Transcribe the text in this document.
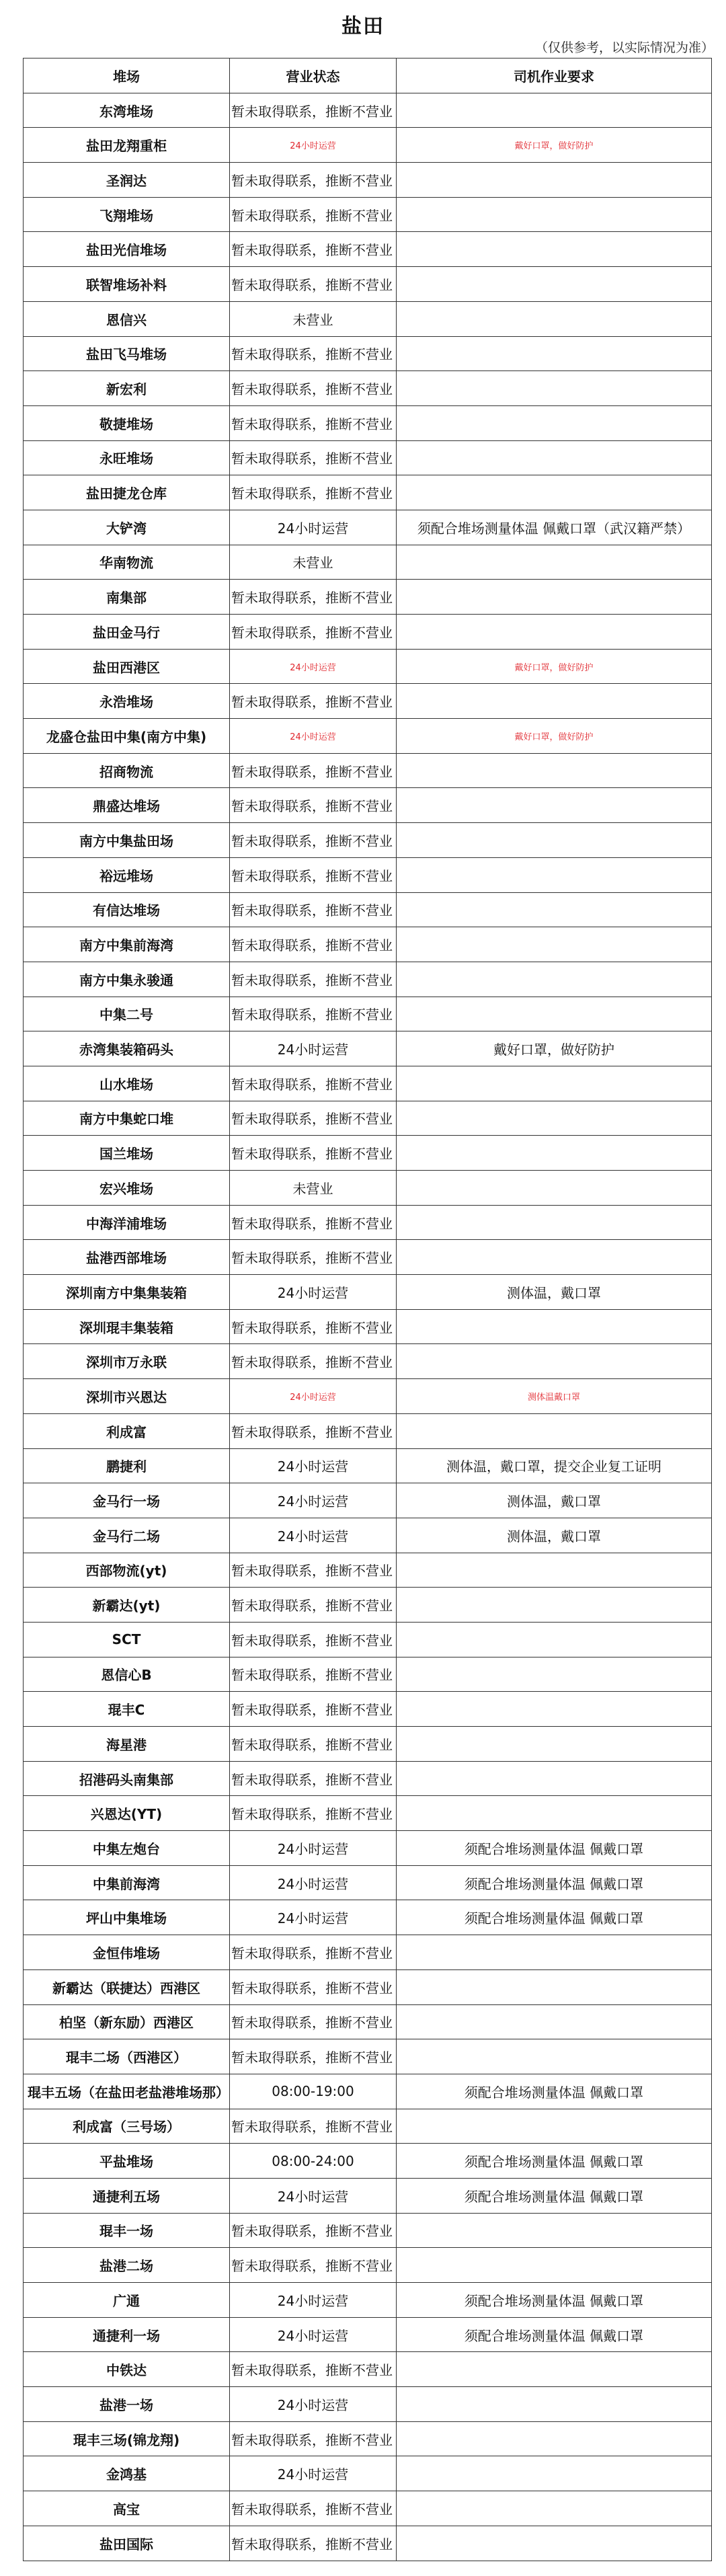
盐田
（仅供参考，以实际情况为准）
堆场	营业状态	司机作业要求
东湾堆场	暂未取得联系，推断不营业	
盐田龙翔重柜	24小时运营	戴好口罩，做好防护
圣润达	暂未取得联系，推断不营业	
飞翔堆场	暂未取得联系，推断不营业	
盐田光信堆场	暂未取得联系，推断不营业	
联智堆场补料	暂未取得联系，推断不营业	
恩信兴	未营业	
盐田飞马堆场	暂未取得联系，推断不营业	
新宏利	暂未取得联系，推断不营业	
敬捷堆场	暂未取得联系，推断不营业	
永旺堆场	暂未取得联系，推断不营业	
盐田捷龙仓库	暂未取得联系，推断不营业	
大铲湾	24小时运营	须配合堆场测量体温 佩戴口罩（武汉籍严禁）
华南物流	未营业	
南集部	暂未取得联系，推断不营业	
盐田金马行	暂未取得联系，推断不营业	
盐田西港区	24小时运营	戴好口罩，做好防护
永浩堆场	暂未取得联系，推断不营业	
龙盛仓盐田中集(南方中集)	24小时运营	戴好口罩，做好防护
招商物流	暂未取得联系，推断不营业	
鼎盛达堆场	暂未取得联系，推断不营业	
南方中集盐田场	暂未取得联系，推断不营业	
裕远堆场	暂未取得联系，推断不营业	
有信达堆场	暂未取得联系，推断不营业	
南方中集前海湾	暂未取得联系，推断不营业	
南方中集永骏通	暂未取得联系，推断不营业	
中集二号	暂未取得联系，推断不营业	
赤湾集装箱码头	24小时运营	戴好口罩，做好防护
山水堆场	暂未取得联系，推断不营业	
南方中集蛇口堆	暂未取得联系，推断不营业	
国兰堆场	暂未取得联系，推断不营业	
宏兴堆场	未营业	
中海洋浦堆场	暂未取得联系，推断不营业	
盐港西部堆场	暂未取得联系，推断不营业	
深圳南方中集集装箱	24小时运营	测体温，戴口罩
深圳琨丰集装箱	暂未取得联系，推断不营业	
深圳市万永联	暂未取得联系，推断不营业	
深圳市兴恩达	24小时运营	测体温戴口罩
利成富	暂未取得联系，推断不营业	
鹏捷利	24小时运营	测体温，戴口罩，提交企业复工证明
金马行一场	24小时运营	测体温，戴口罩
金马行二场	24小时运营	测体温，戴口罩
西部物流(yt)	暂未取得联系，推断不营业	
新霸达(yt)	暂未取得联系，推断不营业	
SCT	暂未取得联系，推断不营业	
恩信心B	暂未取得联系，推断不营业	
琨丰C	暂未取得联系，推断不营业	
海星港	暂未取得联系，推断不营业	
招港码头南集部	暂未取得联系，推断不营业	
兴恩达(YT)	暂未取得联系，推断不营业	
中集左炮台	24小时运营	须配合堆场测量体温 佩戴口罩
中集前海湾	24小时运营	须配合堆场测量体温 佩戴口罩
坪山中集堆场	24小时运营	须配合堆场测量体温 佩戴口罩
金恒伟堆场	暂未取得联系，推断不营业	
新霸达（联捷达）西港区	暂未取得联系，推断不营业	
柏坚（新东励）西港区	暂未取得联系，推断不营业	
琨丰二场（西港区）	暂未取得联系，推断不营业	
琨丰五场（在盐田老盐港堆场那）	08:00-19:00	须配合堆场测量体温 佩戴口罩
利成富（三号场）	暂未取得联系，推断不营业	
平盐堆场	08:00-24:00	须配合堆场测量体温 佩戴口罩
通捷利五场	24小时运营	须配合堆场测量体温 佩戴口罩
琨丰一场	暂未取得联系，推断不营业	
盐港二场	暂未取得联系，推断不营业	
广通	24小时运营	须配合堆场测量体温 佩戴口罩
通捷利一场	24小时运营	须配合堆场测量体温 佩戴口罩
中铁达	暂未取得联系，推断不营业	
盐港一场	24小时运营	
琨丰三场(锦龙翔)	暂未取得联系，推断不营业	
金鸿基	24小时运营	
高宝	暂未取得联系，推断不营业	
盐田国际	暂未取得联系，推断不营业	
